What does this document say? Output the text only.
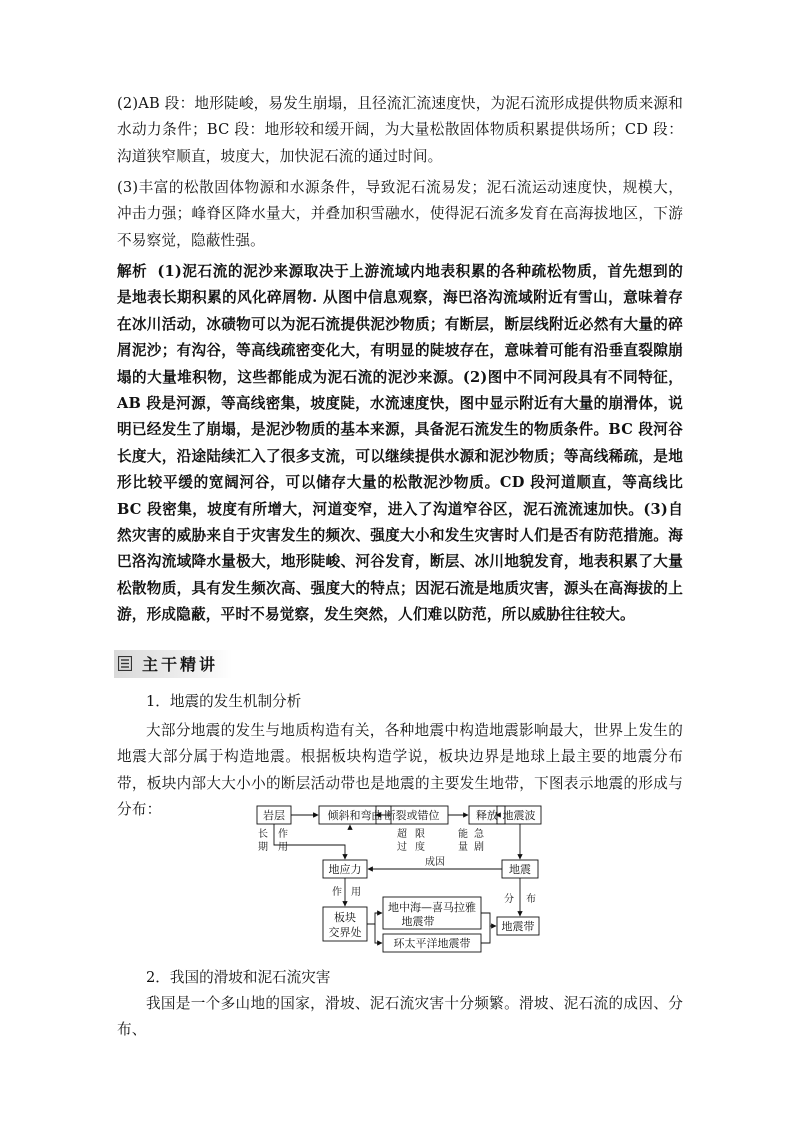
(2)AB 段：地形陡峻，易发生崩塌，且径流汇流速度快，为泥石流形成提供物质来源和水动力条件；BC 段：地形较和缓开阔，为大量松散固体物质积累提供场所；CD 段：沟道狭窄顺直，坡度大，加快泥石流的通过时间。

(3)丰富的松散固体物源和水源条件，导致泥石流易发；泥石流运动速度快，规模大，冲击力强；峰脊区降水量大，并叠加积雪融水，使得泥石流多发育在高海拔地区，下游不易察觉，隐蔽性强。

解析 (1)泥石流的泥沙来源取决于上游流域内地表积累的各种疏松物质，首先想到的是地表长期积累的风化碎屑物. 从图中信息观察，海巴洛沟流域附近有雪山，意味着存在冰川活动，冰碛物可以为泥石流提供泥沙物质；有断层，断层线附近必然有大量的碎屑泥沙；有沟谷，等高线疏密变化大，有明显的陡坡存在，意味着可能有沿垂直裂隙崩塌的大量堆积物，这些都能成为泥石流的泥沙来源。(2)图中不同河段具有不同特征，AB 段是河源，等高线密集，坡度陡，水流速度快，图中显示附近有大量的崩滑体，说明已经发生了崩塌，是泥沙物质的基本来源，具备泥石流发生的物质条件。BC 段河谷长度大，沿途陆续汇入了很多支流，可以继续提供水源和泥沙物质；等高线稀疏，是地形比较平缓的宽阔河谷，可以储存大量的松散泥沙物质。CD 段河道顺直，等高线比 BC 段密集，坡度有所增大，河道变窄，进入了沟道窄谷区，泥石流流速加快。(3)自然灾害的威胁来自于灾害发生的频次、强度大小和发生灾害时人们是否有防范措施。海巴洛沟流域降水量极大，地形陡峻、河谷发育，断层、冰川地貌发育，地表积累了大量松散物质，具有发生频次高、强度大的特点；因泥石流是地质灾害，源头在高海拔的上游，形成隐蔽，平时不易觉察，发生突然，人们难以防范，所以威胁往往较大。

主干精讲
1．地震的发生机制分析

大部分地震的发生与地质构造有关，各种地震中构造地震影响最大，世界上发生的地震大部分属于构造地震。根据板块构造学说，板块边界是地球上最主要的地震分布带，板块内部大大小小的断层活动带也是地震的主要发生地带，下图表示地震的形成与分布：	岩层	倾斜和弯曲 断裂或错位	释放 地震波
地应力	地震
板块
交界处
地中海—喜马拉雅
地震带
环太平洋地震带
地震带
长
期
作
用
超
过
限
度
能
量
急
剧
成因
作 用
分 布
2．我国的滑坡和泥石流灾害

我国是一个多山地的国家，滑坡、泥石流灾害十分频繁。滑坡、泥石流的成因、分布、
